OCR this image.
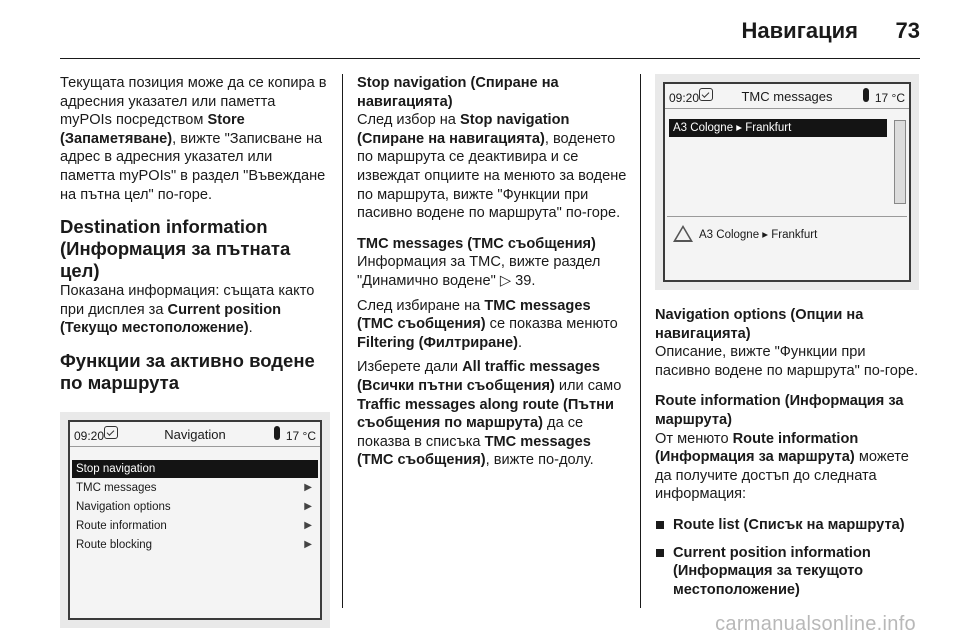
Навигация 73

Текущата позиция може да се копира в адресния указател или паметта myPOIs посредством Store (Запаметяване), вижте "Записване на адрес в адресния указател или паметта myPOIs" в раздел "Въвеждане на пътна цел" по-горе.

Destination information (Информация за пътната цел)

Показана информация: същата както при дисплея за Current position (Текущо местоположение).

Функции за активно водене по маршрута
09:20	Navigation	17 °C
Stop navigation
TMC messages	▶
Navigation options	▶
Route information	▶
Route blocking	▶
Stop navigation (Спиране на навигацията)

След избор на Stop navigation (Спиране на навигацията), воденето по маршрута се деактивира и се извеждат опциите на менюто за водене по маршрута, вижте "Функции при пасивно водене по маршрута" по-горе.

TMC messages (TMC съобщения)

Информация за TMC, вижте раздел "Динамично водене" ▷ 39.

След избиране на TMC messages (TMC съобщения) се показва менюто Filtering (Филтриране).

Изберете дали All traffic messages (Всички пътни съобщения) или само Traffic messages along route (Пътни съобщения по маршрута) да се показва в списъка TMC messages (TMC съобщения), вижте по-долу.

09:20	TMC messages	17 °C
A3 Cologne ▸ Frankfurt
A3 Cologne ▸ Frankfurt
Navigation options (Опции на навигацията)

Описание, вижте "Функции при пасивно водене по маршрута" по-горе.

Route information (Информация за маршрута)

От менюто Route information (Информация за маршрута) можете да получите достъп до следната информация:

Route list (Списък на маршрута)
Current position information (Информация за текущото местоположение)
carmanualsonline.info
